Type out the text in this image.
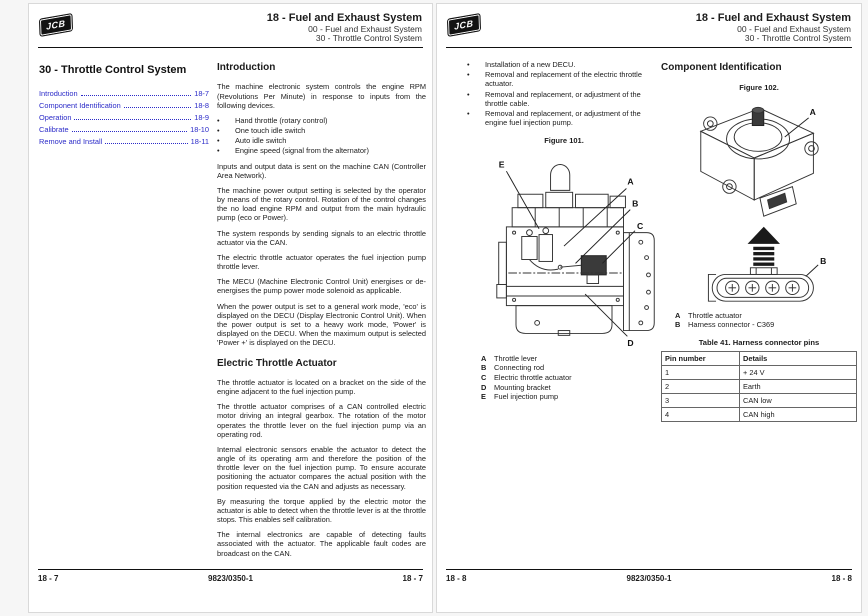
JCB
18 - Fuel and Exhaust System
00 - Fuel and Exhaust System
30 - Throttle Control System
30 - Throttle Control System
Introduction	18-7
Component Identification	18-8
Operation	18-9
Calibrate	18-10
Remove and Install	18-11
Introduction

The machine electronic system controls the engine RPM (Revolutions Per Minute) in response to inputs from the following devices.

•	Hand throttle (rotary control)
•	One touch idle switch
•	Auto idle switch
•	Engine speed (signal from the alternator)

Inputs and output data is sent on the machine CAN (Controller Area Network).

The machine power output setting is selected by the operator by means of the rotary control. Rotation of the control changes the no load engine RPM and output from the main hydraulic pump (eco or Power).

The system responds by sending signals to an electric throttle actuator via the CAN.

The electric throttle actuator operates the fuel injection pump throttle lever.

The MECU (Machine Electronic Control Unit) energises or de-energises the pump power mode solenoid as applicable.

When the power output is set to a general work mode, 'eco' is displayed on the DECU (Display Electronic Control Unit). When the power output is set to a heavy work mode, 'Power' is displayed on the DECU. When the maximum output is selected 'Power +' is displayed on the DECU.

Electric Throttle Actuator

The throttle actuator is located on a bracket on the side of the engine adjacent to the fuel injection pump.

The throttle actuator comprises of a CAN controlled electric motor driving an integral gearbox. The rotation of the motor operates the throttle lever on the fuel injection pump via an operating rod.

Internal electronic sensors enable the actuator to detect the angle of its operating arm and therefore the position of the throttle lever on the fuel injection pump. To ensure accurate positioning the actuator compares the actual position with the position requested via the CAN and adjusts as necessary.

By measuring the torque applied by the electric motor the actuator is able to detect when the throttle lever is at the throttle stops. This enables self calibration.

The internal electronics are capable of detecting faults associated with the actuator. The applicable fault codes are broadcast on the CAN.

18 - 7	9823/0350-1	18 - 7
JCB
18 - Fuel and Exhaust System
00 - Fuel and Exhaust System
30 - Throttle Control System
•	Installation of a new DECU.
•	Removal and replacement of the electric throttle actuator.
•	Removal and replacement, or adjustment of the throttle cable.
•	Removal and replacement, or adjustment of the engine fuel injection pump.
Figure 101.
E
A
B
C
D
A	Throttle lever
B	Connecting rod
C	Electric throttle actuator
D	Mounting bracket
E	Fuel injection pump
Component Identification
Figure 102.
A
B
A	Throttle actuator
B	Harness connector - C369
Table 41. Harness connector pins
Pin number	Details
1	+ 24 V
2	Earth
3	CAN low
4	CAN high
18 - 8	9823/0350-1	18 - 8
